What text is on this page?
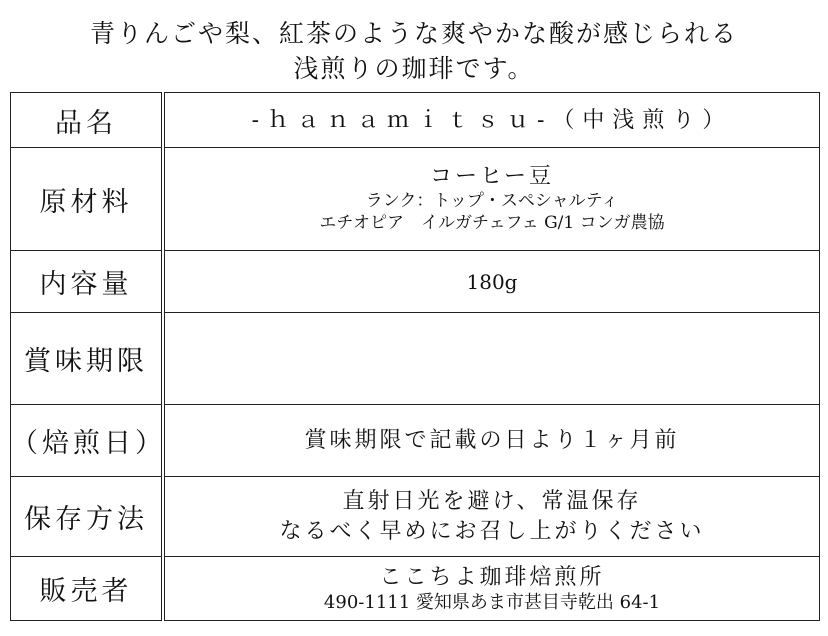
青りんごや梨、紅茶のような爽やかな酸が感じられる
浅煎りの珈琲です。
品名	-ｈａｎａｍｉｔｓｕ-（中浅煎り）
原材料	コーヒー豆
ランク：トップ・スペシャルティ
エチオピア　イルガチェフェ G/1 コンガ農協

内容量	180g
賞味期限	
（焙煎日）	賞味期限で記載の日より１ヶ月前
保存方法	直射日光を避け、常温保存
なるべく早めにお召し上がりください

販売者	ここちよ珈琲焙煎所
490-1111 愛知県あま市甚目寺乾出 64-1
